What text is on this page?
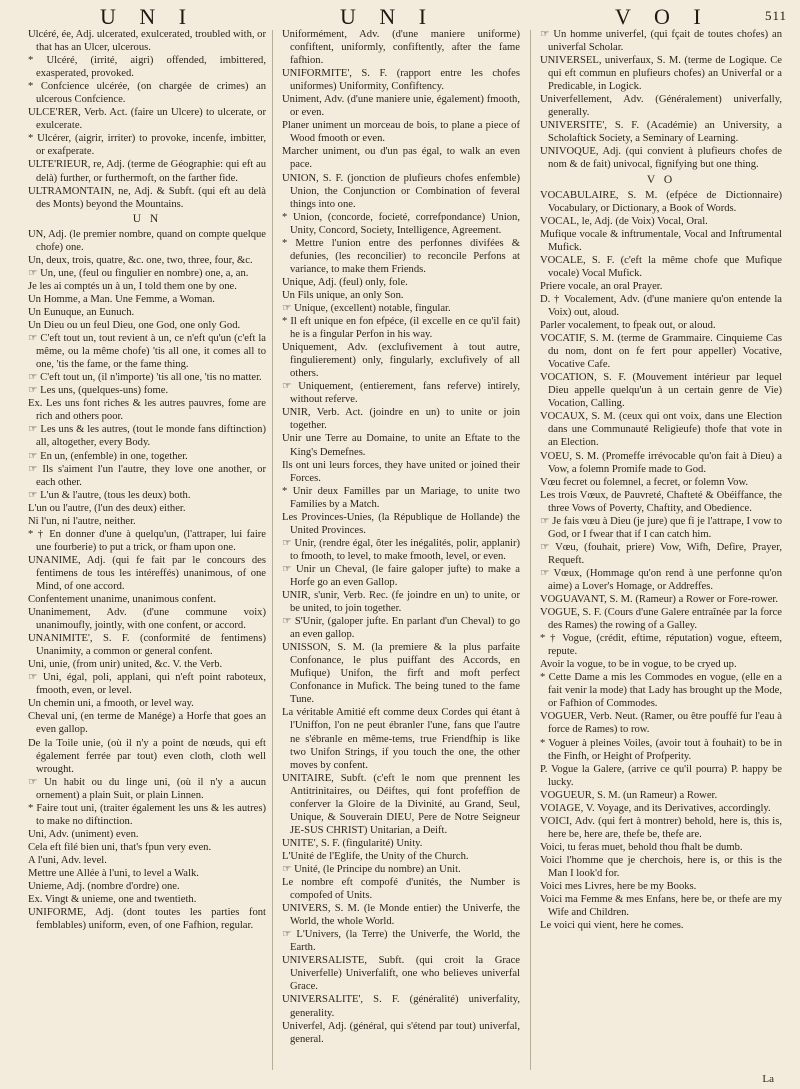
U N I	U N I	V O I	511

Ulcéré, ée, Adj. ulcerated, exulcerated, troubled with, or that has an Ulcer, ulcerous.

* Ulcéré, (irrité, aigri) offended, imbittered, exasperated, provoked.

* Confcience ulcérée, (on chargée de crimes) an ulcerous Confcience.

ULCE'RER, Verb. Act. (faire un Ulcere) to ulcerate, or exulcerate.

* Ulcérer, (aigrir, irriter) to provoke, incenfe, imbitter, or exafperate.

ULTE'RIEUR, re, Adj. (terme de Géographie: qui eft au delà) further, or furthermoft, on the farther fide.

ULTRAMONTAIN, ne, Adj. & Subft. (qui eft au delà des Monts) beyond the Mountains.

U N

UN, Adj. (le premier nombre, quand on compte quelque chofe) one.

Un, deux, trois, quatre, &c. one, two, three, four, &c.

☞ Un, une, (feul ou fingulier en nombre) one, a, an.

Je les ai comptés un à un, I told them one by one.

Un Homme, a Man. Une Femme, a Woman.

Un Eunuque, an Eunuch.

Un Dieu ou un feul Dieu, one God, one only God.

☞ C'eft tout un, tout revient à un, ce n'eft qu'un (c'eft la même, ou la même chofe) 'tis all one, it comes all to one, 'tis the fame, or the fame thing.

☞ C'eft tout un, (il n'importe) 'tis all one, 'tis no matter.

☞ Les uns, (quelques-uns) fome.

Ex. Les uns font riches & les autres pauvres, fome are rich and others poor.

☞ Les uns & les autres, (tout le monde fans diftinction) all, altogether, every Body.

☞ En un, (enfemble) in one, together.

☞ Ils s'aiment l'un l'autre, they love one another, or each other.

☞ L'un & l'autre, (tous les deux) both.

L'un ou l'autre, (l'un des deux) either.

Ni l'un, ni l'autre, neither.

* † En donner d'une à quelqu'un, (l'attraper, lui faire une fourberie) to put a trick, or fham upon one.

UNANIME, Adj. (qui fe fait par le concours des fentimens de tous les intéreffés) unanimous, of one Mind, of one accord.

Confentement unanime, unanimous confent.

Unanimement, Adv. (d'une commune voix) unanimoufly, jointly, with one confent, or accord.

UNANIMITE', S. F. (conformité de fentimens) Unanimity, a common or general confent.

Uni, unie, (from unir) united, &c. V. the Verb.

☞ Uni, égal, poli, applani, qui n'eft point raboteux, fmooth, even, or level.

Un chemin uni, a fmooth, or level way.

Cheval uni, (en terme de Manége) a Horfe that goes an even gallop.

De la Toile unie, (où il n'y a point de nœuds, qui eft également ferrée par tout) even cloth, cloth well wrought.

☞ Un habit ou du linge uni, (où il n'y a aucun ornement) a plain Suit, or plain Linnen.

* Faire tout uni, (traiter également les uns & les autres) to make no diftinction.

Uni, Adv. (uniment) even.

Cela eft filé bien uni, that's fpun very even.

A l'uni, Adv. level.

Mettre une Allée à l'uni, to level a Walk.

Unieme, Adj. (nombre d'ordre) one.

Ex. Vingt & unieme, one and twentieth.

UNIFORME, Adj. (dont toutes les parties font femblables) uniform, even, of one Fafhion, regular.

Uniformément, Adv. (d'une maniere uniforme) confiftent, uniformly, confiftently, after the fame fafhion.

UNIFORMITE', S. F. (rapport entre les chofes uniformes) Uniformity, Confiftency.

Uniment, Adv. (d'une maniere unie, également) fmooth, or even.

Planer uniment un morceau de bois, to plane a piece of Wood fmooth or even.

Marcher uniment, ou d'un pas égal, to walk an even pace.

UNION, S. F. (jonction de plufieurs chofes enfemble) Union, the Conjunction or Combination of feveral things into one.

* Union, (concorde, focieté, correfpondance) Union, Unity, Concord, Society, Intelligence, Agreement.

* Mettre l'union entre des perfonnes divifées & defunies, (les reconcilier) to reconcile Perfons at variance, to make them Friends.

Unique, Adj. (feul) only, fole.

Un Fils unique, an only Son.

☞ Unique, (excellent) notable, fingular.

* Il eft unique en fon efpéce, (il excelle en ce qu'il fait) he is a fingular Perfon in his way.

Uniquement, Adv. (exclufivement à tout autre, fingulierement) only, fingularly, exclufively of all others.

☞ Uniquement, (entierement, fans referve) intirely, without referve.

UNIR, Verb. Act. (joindre en un) to unite or join together.

Unir une Terre au Domaine, to unite an Eftate to the King's Demefnes.

Ils ont uni leurs forces, they have united or joined their Forces.

* Unir deux Familles par un Mariage, to unite two Families by a Match.

Les Provinces-Unies, (la République de Hollande) the United Provinces.

☞ Unir, (rendre égal, ôter les inégalités, polir, applanir) to fmooth, to level, to make fmooth, level, or even.

☞ Unir un Cheval, (le faire galoper jufte) to make a Horfe go an even Gallop.

UNIR, s'unir, Verb. Rec. (fe joindre en un) to unite, or be united, to join together.

☞ S'Unir, (galoper jufte. En parlant d'un Cheval) to go an even gallop.

UNISSON, S. M. (la premiere & la plus parfaite Confonance, le plus puiffant des Accords, en Mufique) Unifon, the firft and moft perfect Confonance in Mufick. The being tuned to the fame Tune.

La véritable Amitié eft comme deux Cordes qui étant à l'Uniffon, l'on ne peut ébranler l'une, fans que l'autre ne s'ébranle en même-tems, true Friendfhip is like two Unifon Strings, if you touch the one, the other moves by confent.

UNITAIRE, Subft. (c'eft le nom que prennent les Antitrinitaires, ou Déiftes, qui font profeffion de conferver la Gloire de la Divinité, au Grand, Seul, Unique, & Souverain DIEU, Pere de Notre Seigneur JE-SUS CHRIST) Unitarian, a Deift.

UNITE', S. F. (fingularité) Unity.

L'Unité de l'Eglife, the Unity of the Church.

☞ Unité, (le Principe du nombre) an Unit.

Le nombre eft compofé d'unités, the Number is compofed of Units.

UNIVERS, S. M. (le Monde entier) the Univerfe, the World, the whole World.

☞ L'Univers, (la Terre) the Univerfe, the World, the Earth.

UNIVERSALISTE, Subft. (qui croit la Grace Univerfelle) Univerfalift, one who believes univerfal Grace.

UNIVERSALITE', S. F. (généralité) univerfality, generality.

Univerfel, Adj. (général, qui s'étend par tout) univerfal, general.

☞ Un homme univerfel, (qui fçait de toutes chofes) an univerfal Scholar.

UNIVERSEL, univerfaux, S. M. (terme de Logique. Ce qui eft commun en plufieurs chofes) an Univerfal or a Predicable, in Logick.

Univerfellement, Adv. (Généralement) univerfally, generally.

UNIVERSITE', S. F. (Académie) an University, a Scholaftick Society, a Seminary of Learning.

UNIVOQUE, Adj. (qui convient à plufieurs chofes de nom & de fait) univocal, fignifying but one thing.

V O

VOCABULAIRE, S. M. (efpéce de Dictionnaire) Vocabulary, or Dictionary, a Book of Words.

VOCAL, le, Adj. (de Voix) Vocal, Oral.

Mufique vocale & inftrumentale, Vocal and Inftrumental Mufick.

VOCALE, S. F. (c'eft la même chofe que Mufique vocale) Vocal Mufick.

Priere vocale, an oral Prayer.

D. † Vocalement, Adv. (d'une maniere qu'on entende la Voix) out, aloud.

Parler vocalement, to fpeak out, or aloud.

VOCATIF, S. M. (terme de Grammaire. Cinquieme Cas du nom, dont on fe fert pour appeller) Vocative, Vocative Cafe.

VOCATION, S. F. (Mouvement intérieur par lequel Dieu appelle quelqu'un à un certain genre de Vie) Vocation, Calling.

VOCAUX, S. M. (ceux qui ont voix, dans une Election dans une Communauté Religieufe) thofe that vote in an Election.

VOEU, S. M. (Promeffe irrévocable qu'on fait à Dieu) a Vow, a folemn Promife made to God.

Vœu fecret ou folemnel, a fecret, or folemn Vow.

Les trois Vœux, de Pauvreté, Chafteté & Obéiffance, the three Vows of Poverty, Chaftity, and Obedience.

☞ Je fais vœu à Dieu (je jure) que fi je l'attrape, I vow to God, or I fwear that if I can catch him.

☞ Vœu, (fouhait, priere) Vow, Wifh, Defire, Prayer, Requeft.

☞ Vœux, (Hommage qu'on rend à une perfonne qu'on aime) a Lover's Homage, or Addreffes.

VOGUAVANT, S. M. (Rameur) a Rower or Fore-rower.

VOGUE, S. F. (Cours d'une Galere entraînée par la force des Rames) the rowing of a Galley.

* † Vogue, (crédit, eftime, réputation) vogue, efteem, repute.

Avoir la vogue, to be in vogue, to be cryed up.

* Cette Dame a mis les Commodes en vogue, (elle en a fait venir la mode) that Lady has brought up the Mode, or Fafhion of Commodes.

VOGUER, Verb. Neut. (Ramer, ou être pouffé fur l'eau à force de Rames) to row.

* Voguer à pleines Voiles, (avoir tout à fouhait) to be in the Finfh, or Height of Profperity.

P. Vogue la Galere, (arrive ce qu'il pourra) P. happy be lucky.

VOGUEUR, S. M. (un Rameur) a Rower.

VOIAGE, V. Voyage, and its Derivatives, accordingly.

VOICI, Adv. (qui fert à montrer) behold, here is, this is, here be, here are, thefe be, thefe are.

Voici, tu feras muet, behold thou fhalt be dumb.

Voici l'homme que je cherchois, here is, or this is the Man I look'd for.

Voici mes Livres, here be my Books.

Voici ma Femme & mes Enfans, here be, or thefe are my Wife and Children.

Le voici qui vient, here he comes.

La
